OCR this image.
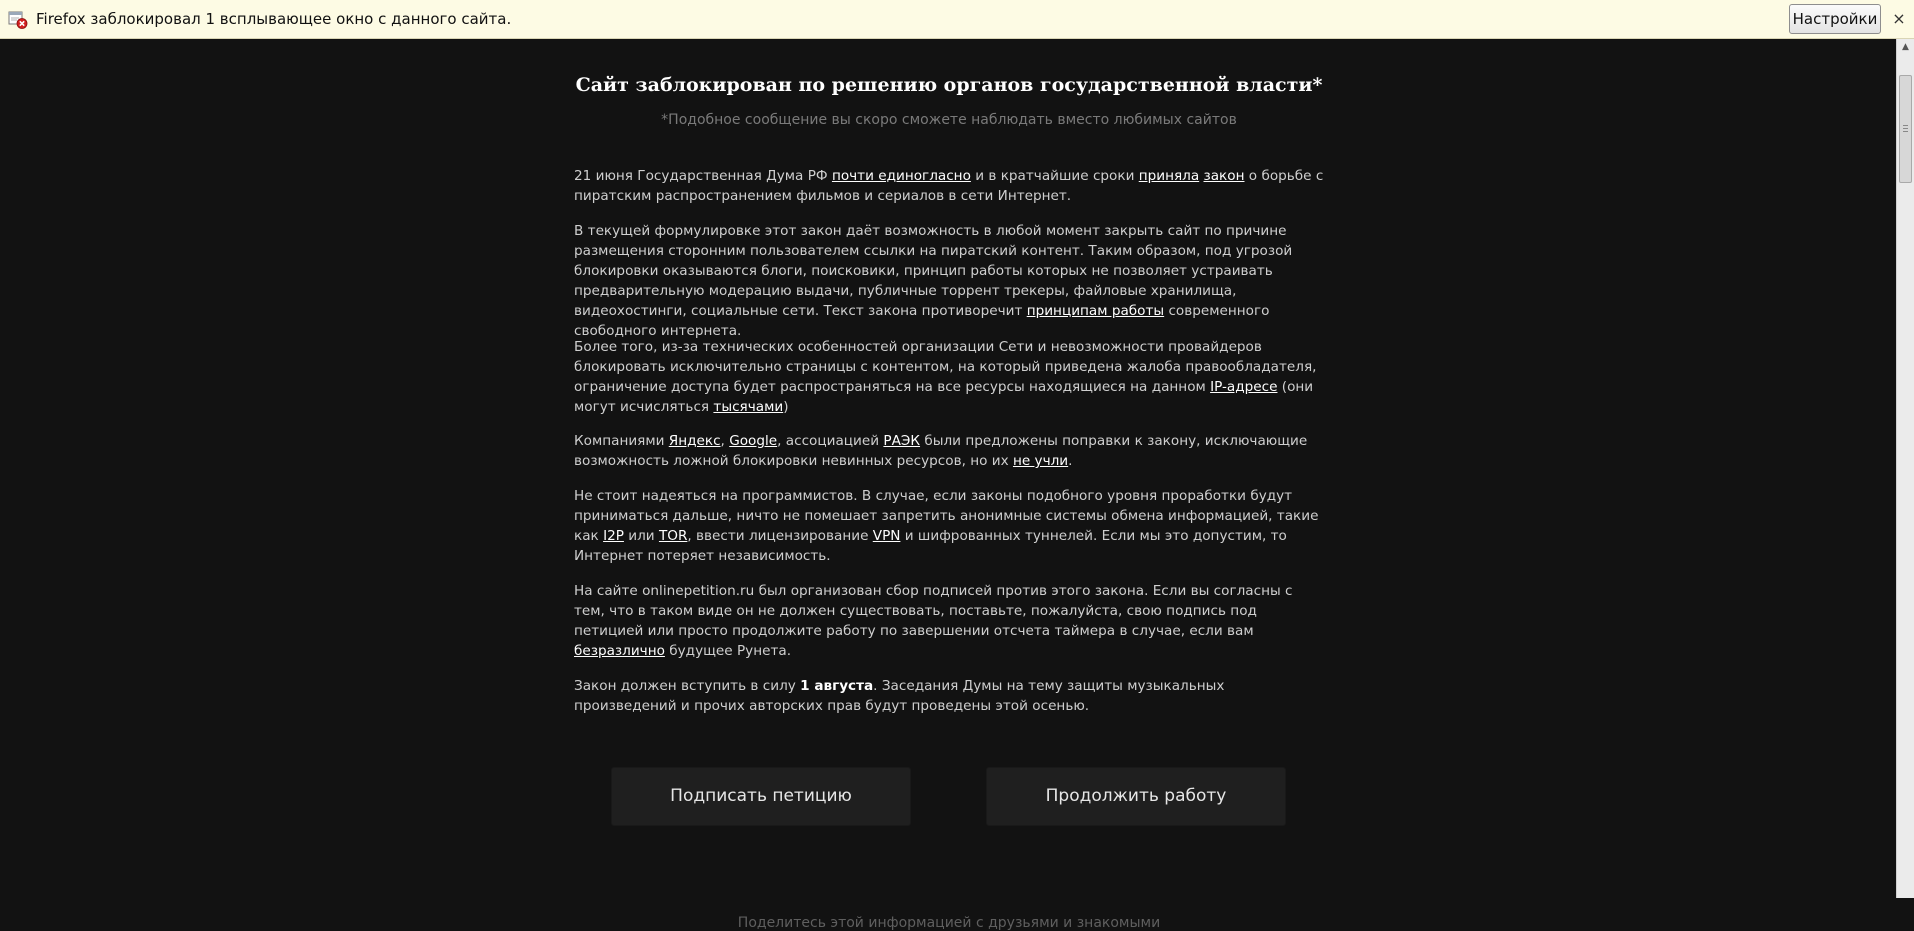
Firefox заблокировал 1 всплывающее окно с данного сайта.	Настройки ×
▲
Сайт заблокирован по решению органов государственной власти*
*Подобное сообщение вы скоро сможете наблюдать вместо любимых сайтов

21 июня Государственная Дума РФ почти единогласно и в кратчайшие сроки приняла закон о борьбе с пиратским распространением фильмов и сериалов в сети Интернет.

В текущей формулировке этот закон даёт возможность в любой момент закрыть сайт по причине размещения сторонним пользователем ссылки на пиратский контент. Таким образом, под угрозой блокировки оказываются блоги, поисковики, принцип работы которых не позволяет устраивать предварительную модерацию выдачи, публичные торрент трекеры, файловые хранилища, видеохостинги, социальные сети. Текст закона противоречит принципам работы современного свободного интернета.

Более того, из-за технических особенностей организации Сети и невозможности провайдеров блокировать исключительно страницы с контентом, на который приведена жалоба правообладателя, ограничение доступа будет распространяться на все ресурсы находящиеся на данном IP-адресе (они могут исчисляться тысячами)

Компаниями Яндекс, Google, ассоциацией РАЭК были предложены поправки к закону, исключающие возможность ложной блокировки невинных ресурсов, но их не учли.

Не стоит надеяться на программистов. В случае, если законы подобного уровня проработки будут приниматься дальше, ничто не помешает запретить анонимные системы обмена информацией, такие как I2P или TOR, ввести лицензирование VPN и шифрованных туннелей. Если мы это допустим, то Интернет потеряет независимость.

На сайте onlinepetition.ru был организован сбор подписей против этого закона. Если вы согласны с тем, что в таком виде он не должен существовать, поставьте, пожалуйста, свою подпись под петицией или просто продолжите работу по завершении отсчета таймера в случае, если вам безразлично будущее Рунета.

Закон должен вступить в силу 1 августа. Заседания Думы на тему защиты музыкальных произведений и прочих авторских прав будут проведены этой осенью.

Подписать петицию	Продолжить работу
Поделитесь этой информацией с друзьями и знакомыми
